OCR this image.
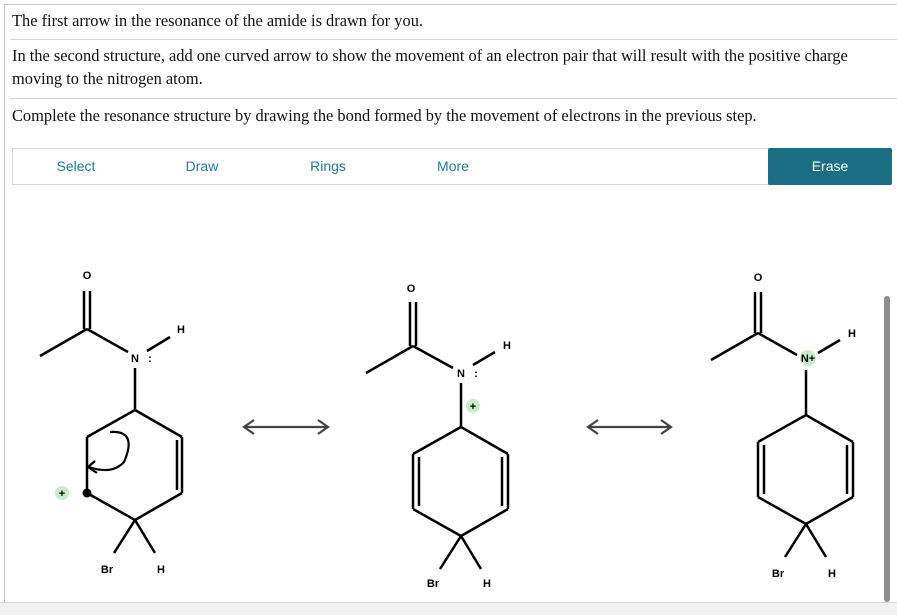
The first arrow in the resonance of the amide is drawn for you.
In the second structure, add one curved arrow to show the movement of an electron pair that will result with the positive charge moving to the nitrogen atom.
Complete the resonance structure by drawing the bond formed by the movement of electrons in the previous step.
Select	Draw	Rings	More	Erase
+
O
N :
H
Br	H
+
O
N :
H
Br	H
O
N+
H
Br	H
